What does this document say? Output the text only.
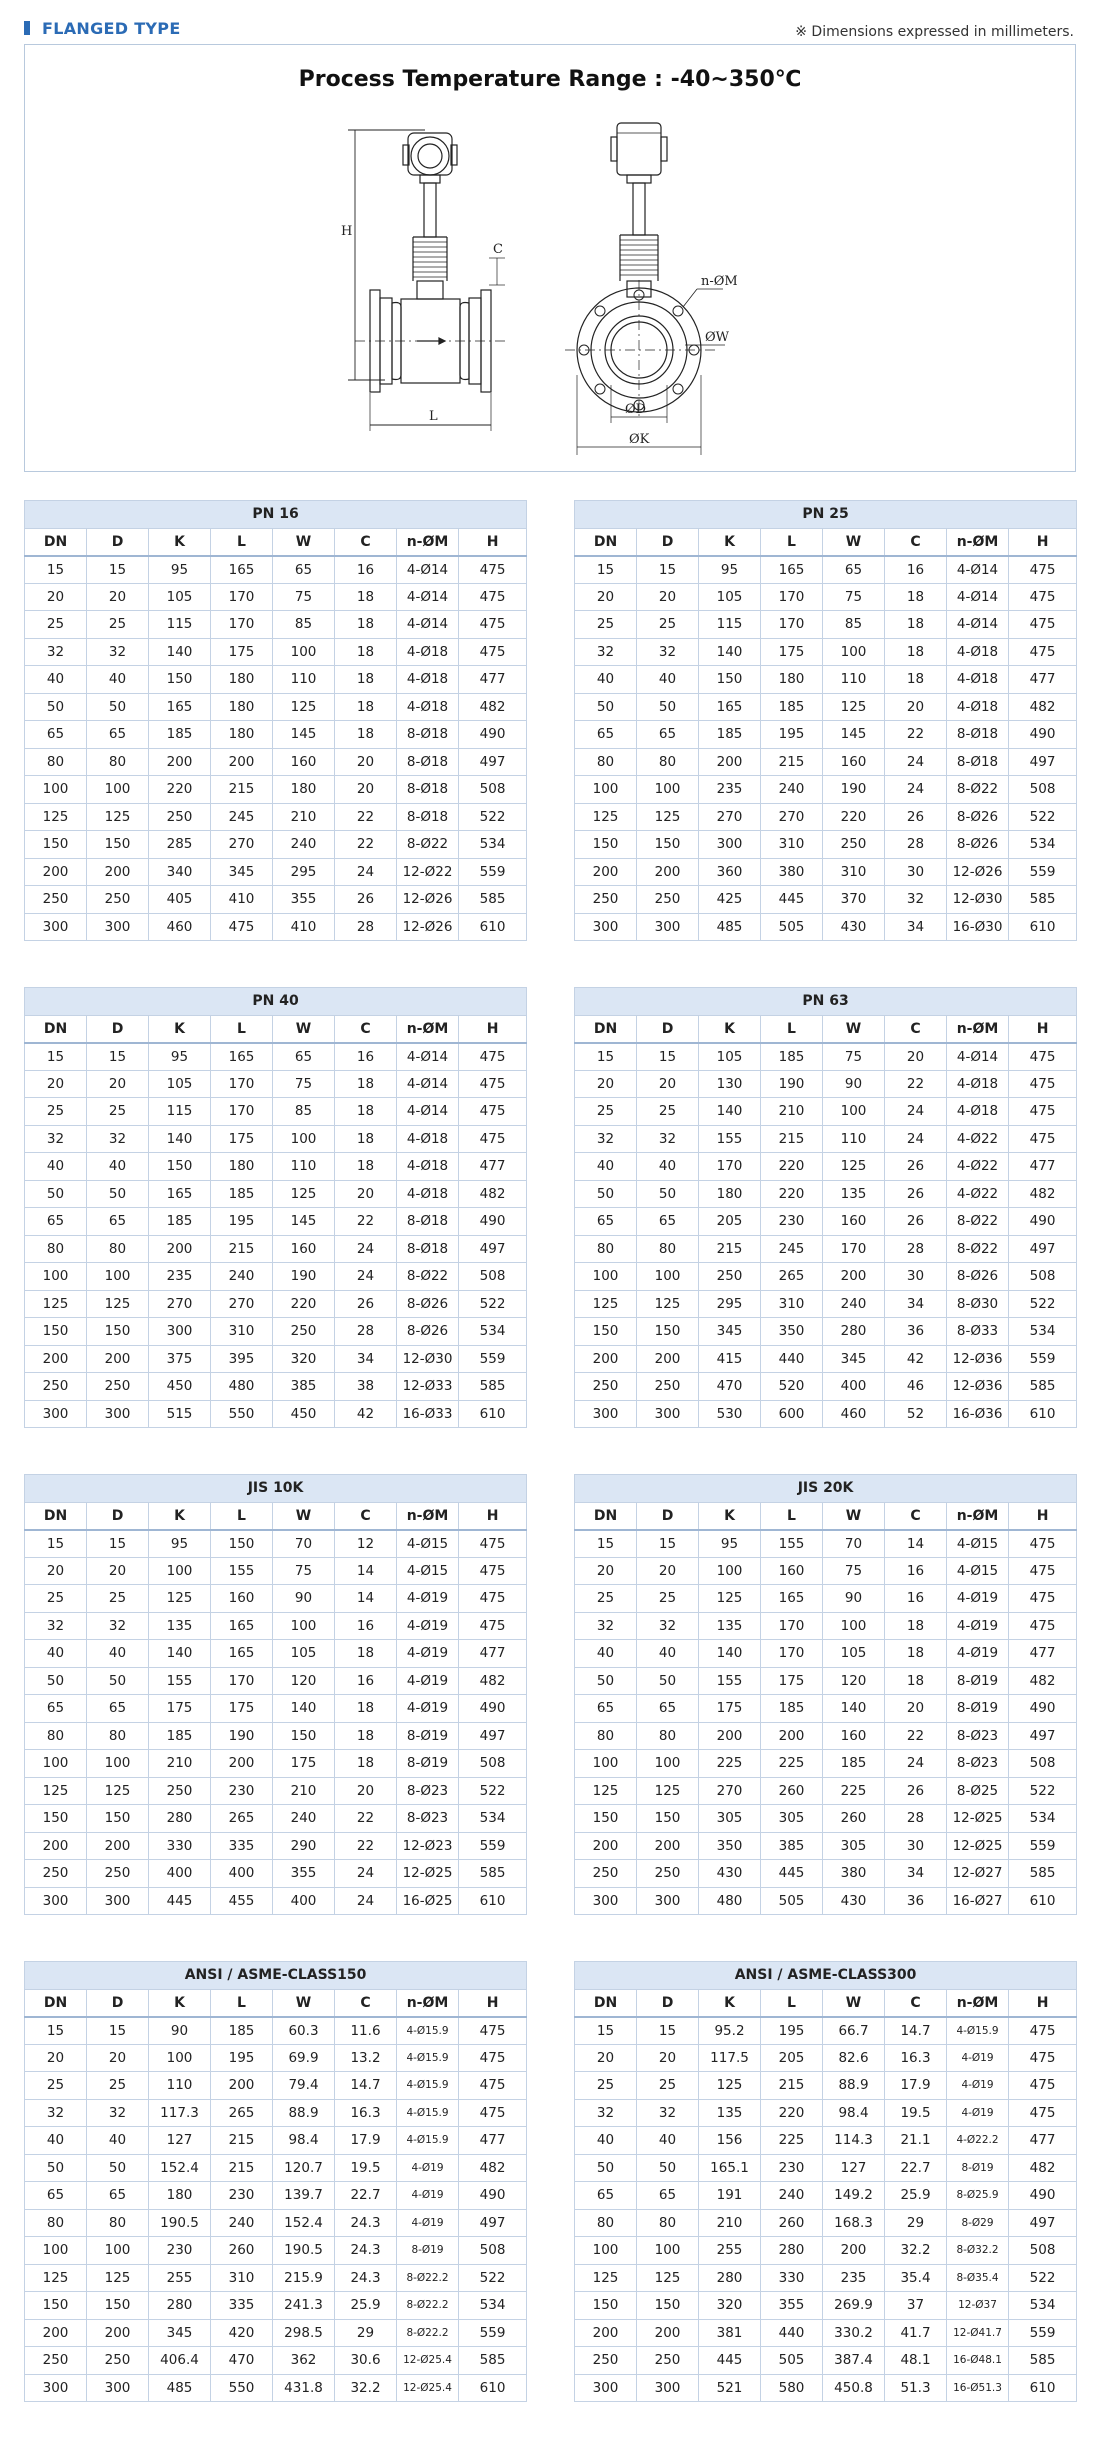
FLANGED TYPE	※ Dimensions expressed in millimeters.
Process Temperature Range : -40~350℃
H
C
L
n-ØM
ØW
ØD
ØK
PN 16							
DN	D	K	L	W	C	n-ØM	H
15	15	95	165	65	16	4-Ø14	475
20	20	105	170	75	18	4-Ø14	475
25	25	115	170	85	18	4-Ø14	475
32	32	140	175	100	18	4-Ø18	475
40	40	150	180	110	18	4-Ø18	477
50	50	165	180	125	18	4-Ø18	482
65	65	185	180	145	18	8-Ø18	490
80	80	200	200	160	20	8-Ø18	497
100	100	220	215	180	20	8-Ø18	508
125	125	250	245	210	22	8-Ø18	522
150	150	285	270	240	22	8-Ø22	534
200	200	340	345	295	24	12-Ø22	559
250	250	405	410	355	26	12-Ø26	585
300	300	460	475	410	28	12-Ø26	610
PN 25							
DN	D	K	L	W	C	n-ØM	H
15	15	95	165	65	16	4-Ø14	475
20	20	105	170	75	18	4-Ø14	475
25	25	115	170	85	18	4-Ø14	475
32	32	140	175	100	18	4-Ø18	475
40	40	150	180	110	18	4-Ø18	477
50	50	165	185	125	20	4-Ø18	482
65	65	185	195	145	22	8-Ø18	490
80	80	200	215	160	24	8-Ø18	497
100	100	235	240	190	24	8-Ø22	508
125	125	270	270	220	26	8-Ø26	522
150	150	300	310	250	28	8-Ø26	534
200	200	360	380	310	30	12-Ø26	559
250	250	425	445	370	32	12-Ø30	585
300	300	485	505	430	34	16-Ø30	610
PN 40							
DN	D	K	L	W	C	n-ØM	H
15	15	95	165	65	16	4-Ø14	475
20	20	105	170	75	18	4-Ø14	475
25	25	115	170	85	18	4-Ø14	475
32	32	140	175	100	18	4-Ø18	475
40	40	150	180	110	18	4-Ø18	477
50	50	165	185	125	20	4-Ø18	482
65	65	185	195	145	22	8-Ø18	490
80	80	200	215	160	24	8-Ø18	497
100	100	235	240	190	24	8-Ø22	508
125	125	270	270	220	26	8-Ø26	522
150	150	300	310	250	28	8-Ø26	534
200	200	375	395	320	34	12-Ø30	559
250	250	450	480	385	38	12-Ø33	585
300	300	515	550	450	42	16-Ø33	610
PN 63							
DN	D	K	L	W	C	n-ØM	H
15	15	105	185	75	20	4-Ø14	475
20	20	130	190	90	22	4-Ø18	475
25	25	140	210	100	24	4-Ø18	475
32	32	155	215	110	24	4-Ø22	475
40	40	170	220	125	26	4-Ø22	477
50	50	180	220	135	26	4-Ø22	482
65	65	205	230	160	26	8-Ø22	490
80	80	215	245	170	28	8-Ø22	497
100	100	250	265	200	30	8-Ø26	508
125	125	295	310	240	34	8-Ø30	522
150	150	345	350	280	36	8-Ø33	534
200	200	415	440	345	42	12-Ø36	559
250	250	470	520	400	46	12-Ø36	585
300	300	530	600	460	52	16-Ø36	610
JIS 10K							
DN	D	K	L	W	C	n-ØM	H
15	15	95	150	70	12	4-Ø15	475
20	20	100	155	75	14	4-Ø15	475
25	25	125	160	90	14	4-Ø19	475
32	32	135	165	100	16	4-Ø19	475
40	40	140	165	105	18	4-Ø19	477
50	50	155	170	120	16	4-Ø19	482
65	65	175	175	140	18	4-Ø19	490
80	80	185	190	150	18	8-Ø19	497
100	100	210	200	175	18	8-Ø19	508
125	125	250	230	210	20	8-Ø23	522
150	150	280	265	240	22	8-Ø23	534
200	200	330	335	290	22	12-Ø23	559
250	250	400	400	355	24	12-Ø25	585
300	300	445	455	400	24	16-Ø25	610
JIS 20K							
DN	D	K	L	W	C	n-ØM	H
15	15	95	155	70	14	4-Ø15	475
20	20	100	160	75	16	4-Ø15	475
25	25	125	165	90	16	4-Ø19	475
32	32	135	170	100	18	4-Ø19	475
40	40	140	170	105	18	4-Ø19	477
50	50	155	175	120	18	8-Ø19	482
65	65	175	185	140	20	8-Ø19	490
80	80	200	200	160	22	8-Ø23	497
100	100	225	225	185	24	8-Ø23	508
125	125	270	260	225	26	8-Ø25	522
150	150	305	305	260	28	12-Ø25	534
200	200	350	385	305	30	12-Ø25	559
250	250	430	445	380	34	12-Ø27	585
300	300	480	505	430	36	16-Ø27	610
ANSI / ASME-CLASS150							
DN	D	K	L	W	C	n-ØM	H
15	15	90	185	60.3	11.6	4-Ø15.9	475
20	20	100	195	69.9	13.2	4-Ø15.9	475
25	25	110	200	79.4	14.7	4-Ø15.9	475
32	32	117.3	265	88.9	16.3	4-Ø15.9	475
40	40	127	215	98.4	17.9	4-Ø15.9	477
50	50	152.4	215	120.7	19.5	4-Ø19	482
65	65	180	230	139.7	22.7	4-Ø19	490
80	80	190.5	240	152.4	24.3	4-Ø19	497
100	100	230	260	190.5	24.3	8-Ø19	508
125	125	255	310	215.9	24.3	8-Ø22.2	522
150	150	280	335	241.3	25.9	8-Ø22.2	534
200	200	345	420	298.5	29	8-Ø22.2	559
250	250	406.4	470	362	30.6	12-Ø25.4	585
300	300	485	550	431.8	32.2	12-Ø25.4	610
ANSI / ASME-CLASS300							
DN	D	K	L	W	C	n-ØM	H
15	15	95.2	195	66.7	14.7	4-Ø15.9	475
20	20	117.5	205	82.6	16.3	4-Ø19	475
25	25	125	215	88.9	17.9	4-Ø19	475
32	32	135	220	98.4	19.5	4-Ø19	475
40	40	156	225	114.3	21.1	4-Ø22.2	477
50	50	165.1	230	127	22.7	8-Ø19	482
65	65	191	240	149.2	25.9	8-Ø25.9	490
80	80	210	260	168.3	29	8-Ø29	497
100	100	255	280	200	32.2	8-Ø32.2	508
125	125	280	330	235	35.4	8-Ø35.4	522
150	150	320	355	269.9	37	12-Ø37	534
200	200	381	440	330.2	41.7	12-Ø41.7	559
250	250	445	505	387.4	48.1	16-Ø48.1	585
300	300	521	580	450.8	51.3	16-Ø51.3	610
